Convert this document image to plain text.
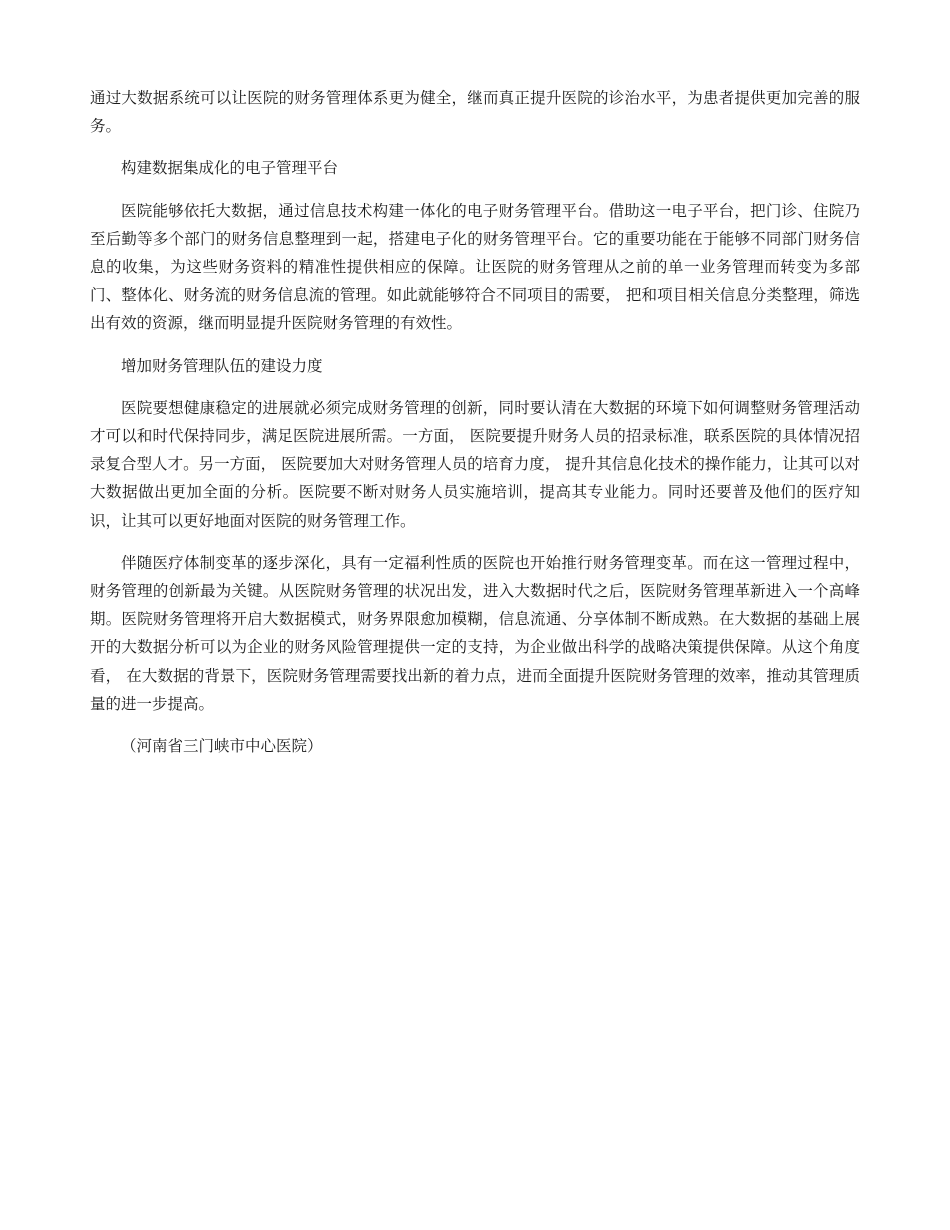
通过大数据系统可以让医院的财务管理体系更为健全，继而真正提升医院的诊治水平，为患者提供更加完善的服务。

构建数据集成化的电子管理平台

医院能够依托大数据，通过信息技术构建一体化的电子财务管理平台。借助这一电子平台，把门诊、住院乃至后勤等多个部门的财务信息整理到一起，搭建电子化的财务管理平台。它的重要功能在于能够不同部门财务信息的收集，为这些财务资料的精准性提供相应的保障。让医院的财务管理从之前的单一业务管理而转变为多部门、整体化、财务流的财务信息流的管理。如此就能够符合不同项目的需要， 把和项目相关信息分类整理，筛选出有效的资源，继而明显提升医院财务管理的有效性。

增加财务管理队伍的建设力度

医院要想健康稳定的进展就必须完成财务管理的创新，同时要认清在大数据的环境下如何调整财务管理活动才可以和时代保持同步，满足医院进展所需。一方面， 医院要提升财务人员的招录标准，联系医院的具体情况招录复合型人才。另一方面， 医院要加大对财务管理人员的培育力度， 提升其信息化技术的操作能力，让其可以对大数据做出更加全面的分析。医院要不断对财务人员实施培训，提高其专业能力。同时还要普及他们的医疗知识，让其可以更好地面对医院的财务管理工作。

伴随医疗体制变革的逐步深化，具有一定福利性质的医院也开始推行财务管理变革。而在这一管理过程中，财务管理的创新最为关键。从医院财务管理的状况出发，进入大数据时代之后，医院财务管理革新进入一个高峰期。医院财务管理将开启大数据模式，财务界限愈加模糊，信息流通、分享体制不断成熟。在大数据的基础上展开的大数据分析可以为企业的财务风险管理提供一定的支持，为企业做出科学的战略决策提供保障。从这个角度看， 在大数据的背景下，医院财务管理需要找出新的着力点，进而全面提升医院财务管理的效率，推动其管理质量的进一步提高。

（河南省三门峡市中心医院）
